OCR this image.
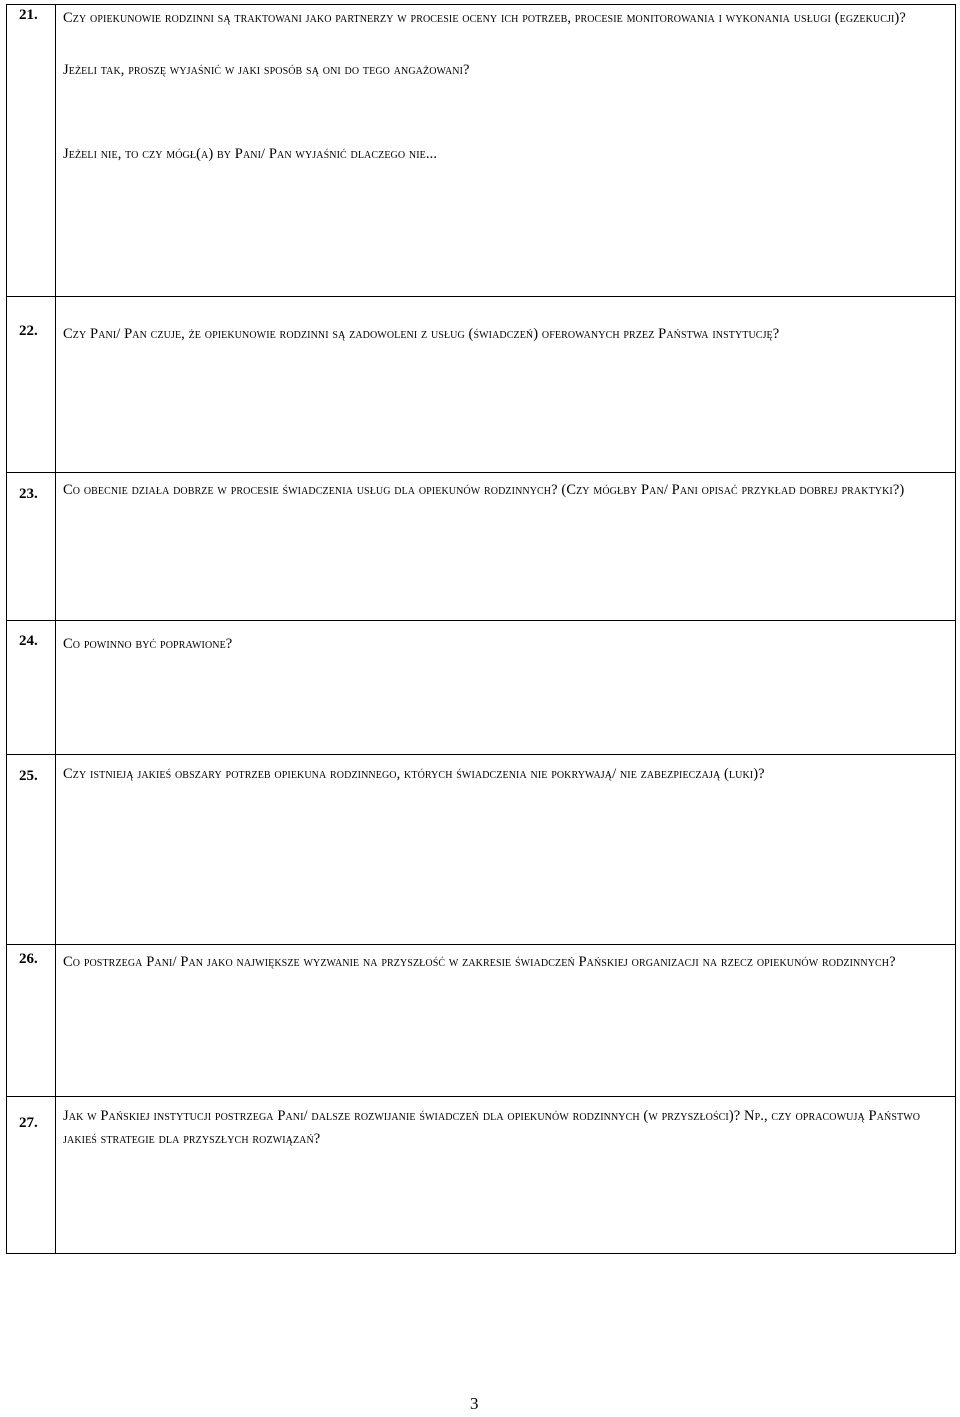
21. Czy opiekunowie rodzinni są traktowani jako partnerzy w procesie oceny ich potrzeb, procesie monitorowania i wykonania usługi (egzekucji)?

Jeżeli tak, proszę wyjaśnić w jaki sposób są oni do tego angażowani?

Jeżeli nie, to czy mógł(a) by Pani/ Pan wyjaśnić dlaczego nie...

22. Czy Pani/ Pan czuje, że opiekunowie rodzinni są zadowoleni z usług (świadczeń) oferowanych przez Państwa instytucję?
23. Co obecnie działa dobrze w procesie świadczenia usług dla opiekunów rodzinnych? (Czy mógłby Pan/ Pani opisać przykład dobrej praktyki?)
24. Co powinno być poprawione?
25. Czy istnieją jakieś obszary potrzeb opiekuna rodzinnego, których świadczenia nie pokrywają/ nie zabezpieczają (luki)?
26. Co postrzega Pani/ Pan jako największe wyzwanie na przyszłość w zakresie świadczeń Pańskiej organizacji na rzecz opiekunów rodzinnych?
27. Jak w Pańskiej instytucji postrzega Pani/ dalsze rozwijanie świadczeń dla opiekunów rodzinnych (w przyszłości)? Np., czy opracowują Państwo jakieś strategie dla przyszłych rozwiązań?
3
